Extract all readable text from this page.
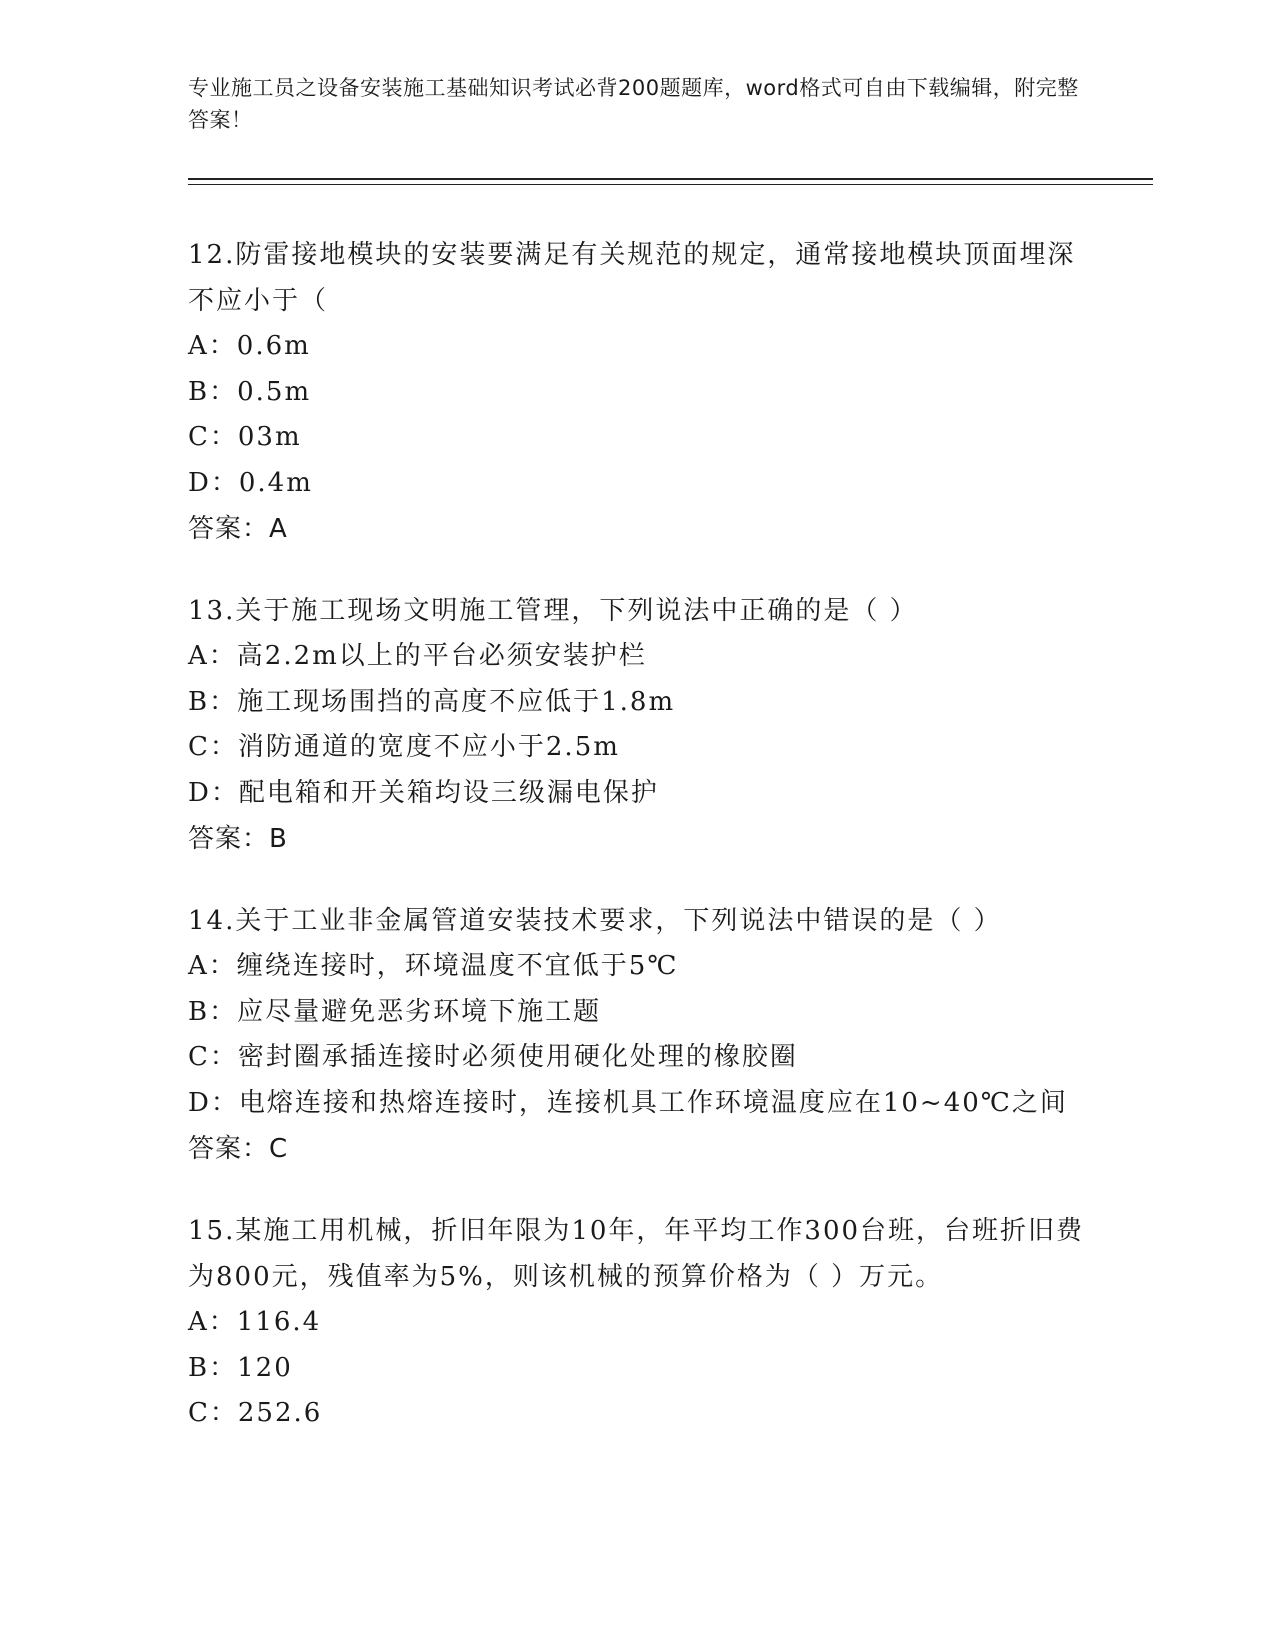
专业施工员之设备安装施工基础知识考试必背200题题库，word格式可自由下载编辑，附完整答案！
12.防雷接地模块的安装要满足有关规范的规定，通常接地模块顶面埋深不应小于（
A：0.6m
B：0.5m
C：03m
D：0.4m
答案：A
13.关于施工现场文明施工管理，下列说法中正确的是（ ）
A：高2.2m以上的平台必须安装护栏
B：施工现场围挡的高度不应低于1.8m
C：消防通道的宽度不应小于2.5m
D：配电箱和开关箱均设三级漏电保护
答案：B
14.关于工业非金属管道安装技术要求，下列说法中错误的是（ ）
A：缠绕连接时，环境温度不宜低于5℃
B：应尽量避免恶劣环境下施工题
C：密封圈承插连接时必须使用硬化处理的橡胶圈
D：电熔连接和热熔连接时，连接机具工作环境温度应在10~40℃之间
答案：C
15.某施工用机械，折旧年限为10年，年平均工作300台班，台班折旧费为800元，残值率为5%，则该机械的预算价格为（ ）万元。
A：116.4
B：120
C：252.6
